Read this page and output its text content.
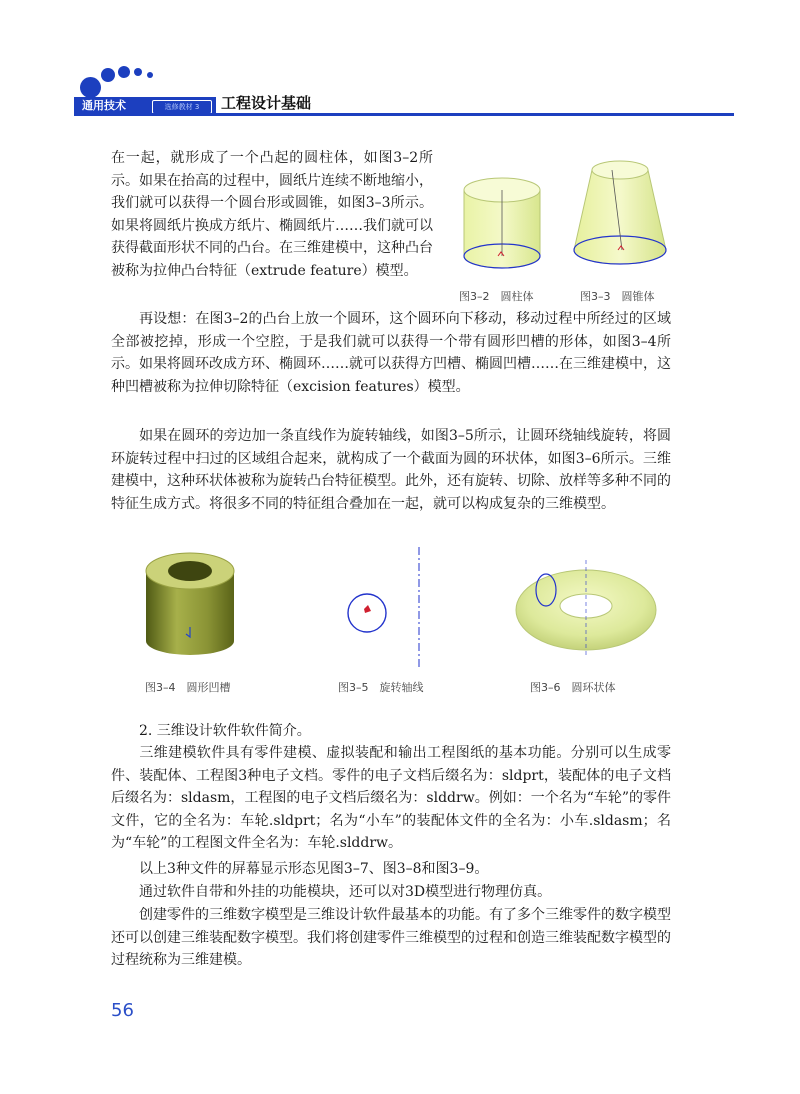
通用技术	选修教材 3	工程设计基础
在一起，就形成了一个凸起的圆柱体，如图3–2所示。如果在抬高的过程中，圆纸片连续不断地缩小，我们就可以获得一个圆台形或圆锥，如图3–3所示。如果将圆纸片换成方纸片、椭圆纸片……我们就可以获得截面形状不同的凸台。在三维建模中，这种凸台被称为拉伸凸台特征（extrude feature）模型。
图3–2　圆柱体	图3–3　圆锥体
再设想：在图3–2的凸台上放一个圆环，这个圆环向下移动，移动过程中所经过的区域全部被挖掉，形成一个空腔，于是我们就可以获得一个带有圆形凹槽的形体，如图3–4所示。如果将圆环改成方环、椭圆环……就可以获得方凹槽、椭圆凹槽……在三维建模中，这种凹槽被称为拉伸切除特征（excision features）模型。
如果在圆环的旁边加一条直线作为旋转轴线，如图3–5所示，让圆环绕轴线旋转，将圆环旋转过程中扫过的区域组合起来，就构成了一个截面为圆的环状体，如图3–6所示。三维建模中，这种环状体被称为旋转凸台特征模型。此外，还有旋转、切除、放样等多种不同的特征生成方式。将很多不同的特征组合叠加在一起，就可以构成复杂的三维模型。
图3–4　圆形凹槽	图3–5　旋转轴线	图3–6　圆环状体
2. 三维设计软件软件简介。
三维建模软件具有零件建模、虚拟装配和输出工程图纸的基本功能。分别可以生成零件、装配体、工程图3种电子文档。零件的电子文档后缀名为：sldprt，装配体的电子文档后缀名为：sldasm，工程图的电子文档后缀名为：slddrw。例如：一个名为“车轮”的零件文件，它的全名为：车轮.sldprt；名为“小车”的装配体文件的全名为：小车.sldasm；名为“车轮”的工程图文件全名为：车轮.slddrw。
以上3种文件的屏幕显示形态见图3–7、图3–8和图3–9。
通过软件自带和外挂的功能模块，还可以对3D模型进行物理仿真。
创建零件的三维数字模型是三维设计软件最基本的功能。有了多个三维零件的数字模型还可以创建三维装配数字模型。我们将创建零件三维模型的过程和创造三维装配数字模型的过程统称为三维建模。
56
